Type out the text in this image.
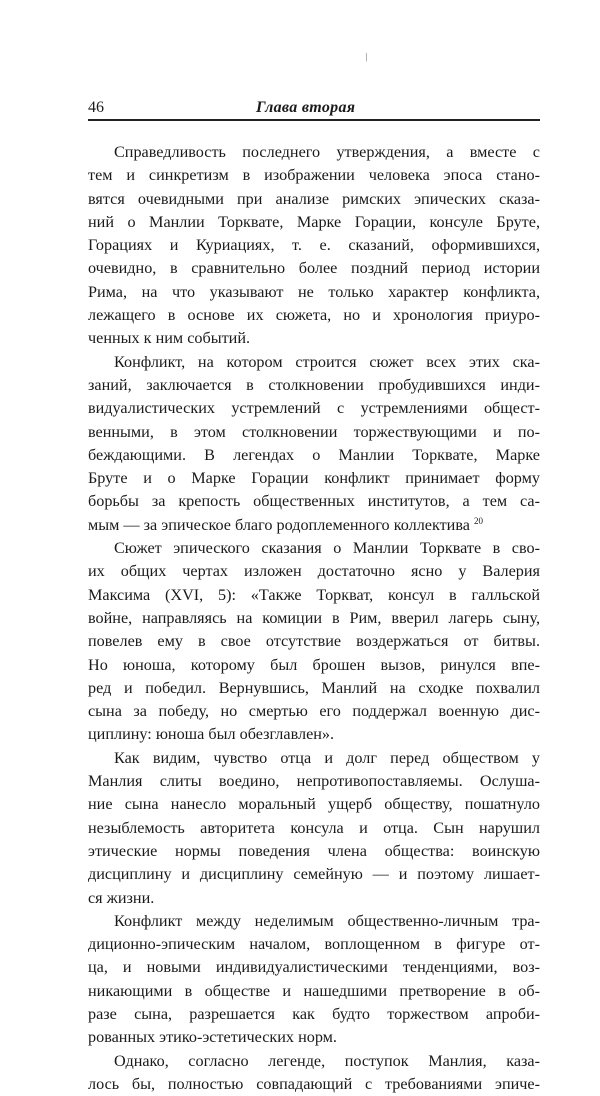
/
46	Глава вторая

Справедливость последнего утверждения, а вместе с
тем и синкретизм в изображении человека эпоса стано-
вятся очевидными при анализе римских эпических сказа-
ний о Манлии Торквате, Марке Горации, консуле Бруте,
Горациях и Куриациях, т. е. сказаний, оформившихся,
очевидно, в сравнительно более поздний период истории
Рима, на что указывают не только характер конфликта,
лежащего в основе их сюжета, но и хронология приуро-
ченных к ним событий.

Конфликт, на котором строится сюжет всех этих ска-
заний, заключается в столкновении пробудившихся инди-
видуалистических устремлений с устремлениями общест-
венными, в этом столкновении торжествующими и по-
беждающими. В легендах о Манлии Торквате, Марке
Бруте и о Марке Горации конфликт принимает форму
борьбы за крепость общественных институтов, а тем са-
мым — за эпическое благо родоплеменного коллектива $^{20}$

Сюжет эпического сказания о Манлии Торквате в сво-
их общих чертах изложен достаточно ясно у Валерия
Максима (XVI, 5): «Также Торкват, консул в галльской
войне, направляясь на комиции в Рим, вверил лагерь сыну,
повелев ему в свое отсутствие воздержаться от битвы.
Но юноша, которому был брошен вызов, ринулся впе-
ред и победил. Вернувшись, Манлий на сходке похвалил
сына за победу, но смертью его поддержал военную дис-
циплину: юноша был обезглавлен».

Как видим, чувство отца и долг перед обществом у
Манлия слиты воедино, непротивопоставляемы. Ослуша-
ние сына нанесло моральный ущерб обществу, пошатнуло
незыблемость авторитета консула и отца. Сын нарушил
этические нормы поведения члена общества: воинскую
дисциплину и дисциплину семейную — и поэтому лишает-
ся жизни.

Конфликт между неделимым общественно-личным тра-
диционно-эпическим началом, воплощенном в фигуре от-
ца, и новыми индивидуалистическими тенденциями, воз-
никающими в обществе и нашедшими претворение в об-
разе сына, разрешается как будто торжеством апроби-
рованных этико-эстетических норм.

Однако, согласно легенде, поступок Манлия, каза-
лось бы, полностью совпадающий с требованиями эпиче-
